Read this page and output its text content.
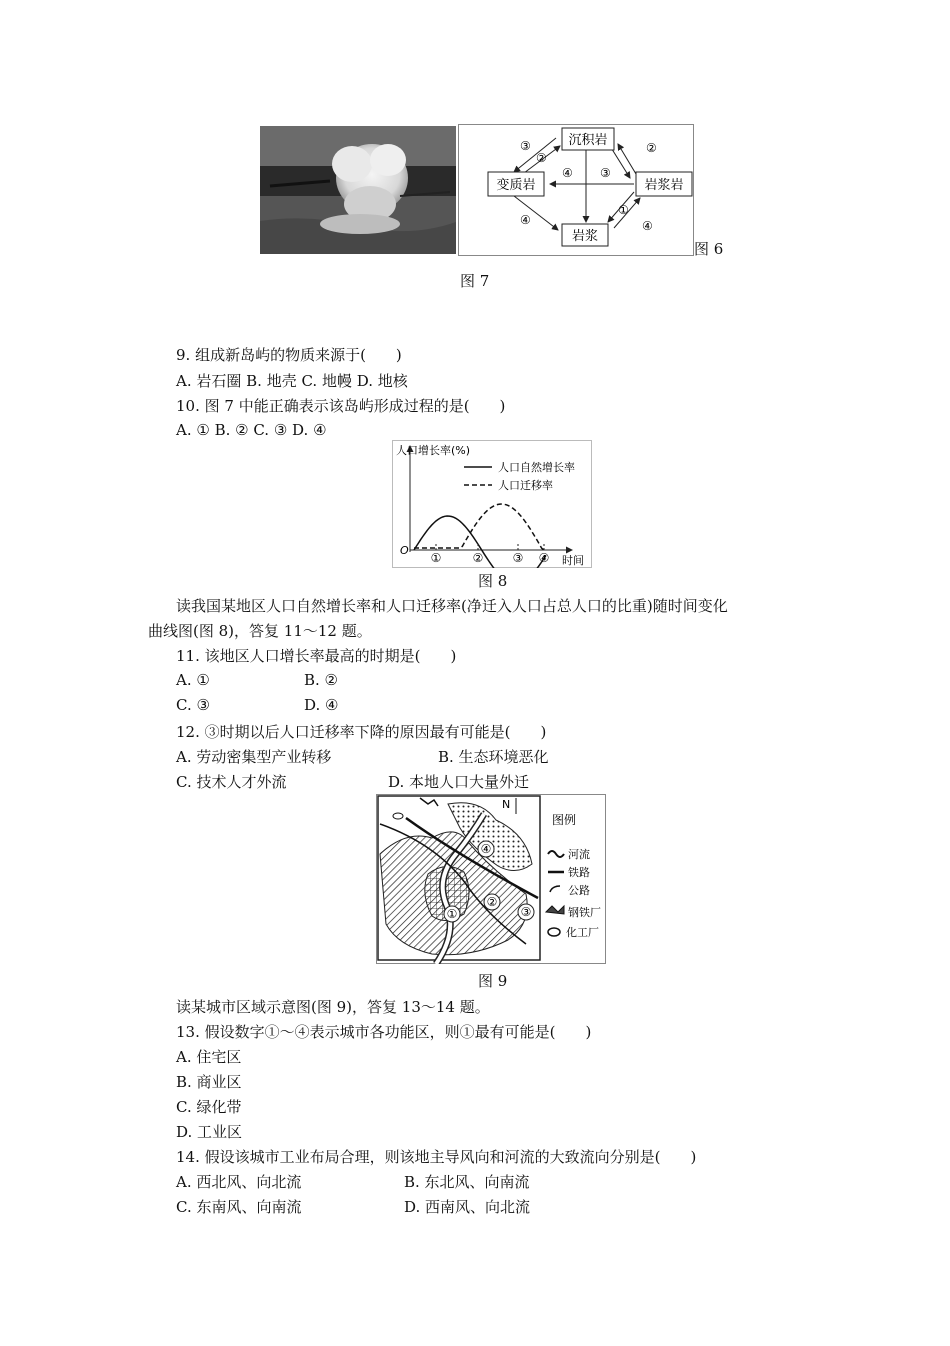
沉积岩
变质岩	岩浆岩
岩浆
③
②
④ ③
②
④
①
④
图 6
图 7
9. 组成新岛屿的物质来源于(　　)
A. 岩石圈 B. 地壳 C. 地幔 D. 地核
10. 图 7 中能正确表示该岛屿形成过程的是(　　)
A. ① B. ② C. ③ D. ④
人口增长率(%)
O
时间
人口自然增长率
人口迁移率
①	② ③ ④
图 8
读我国某地区人口自然增长率和人口迁移率(净迁入人口占总人口的比重)随时间变化
曲线图(图 8)，答复 11～12 题。
11. 该地区人口增长率最高的时期是(　　)
A. ①	B. ②
C. ③	D. ④
12. ③时期以后人口迁移率下降的原因最有可能是(　　)
A. 劳动密集型产业转移	B. 生态环境恶化
C. 技术人才外流	D. 本地人口大量外迁
①
②
③
④
N
图例
河流
铁路
公路
钢铁厂
化工厂
图 9
读某城市区域示意图(图 9)，答复 13～14 题。
13. 假设数字①～④表示城市各功能区，则①最有可能是(　　)
A. 住宅区
B. 商业区
C. 绿化带
D. 工业区
14. 假设该城市工业布局合理，则该地主导风向和河流的大致流向分别是(　　)
A. 西北风、向北流	B. 东北风、向南流
C. 东南风、向南流	D. 西南风、向北流
